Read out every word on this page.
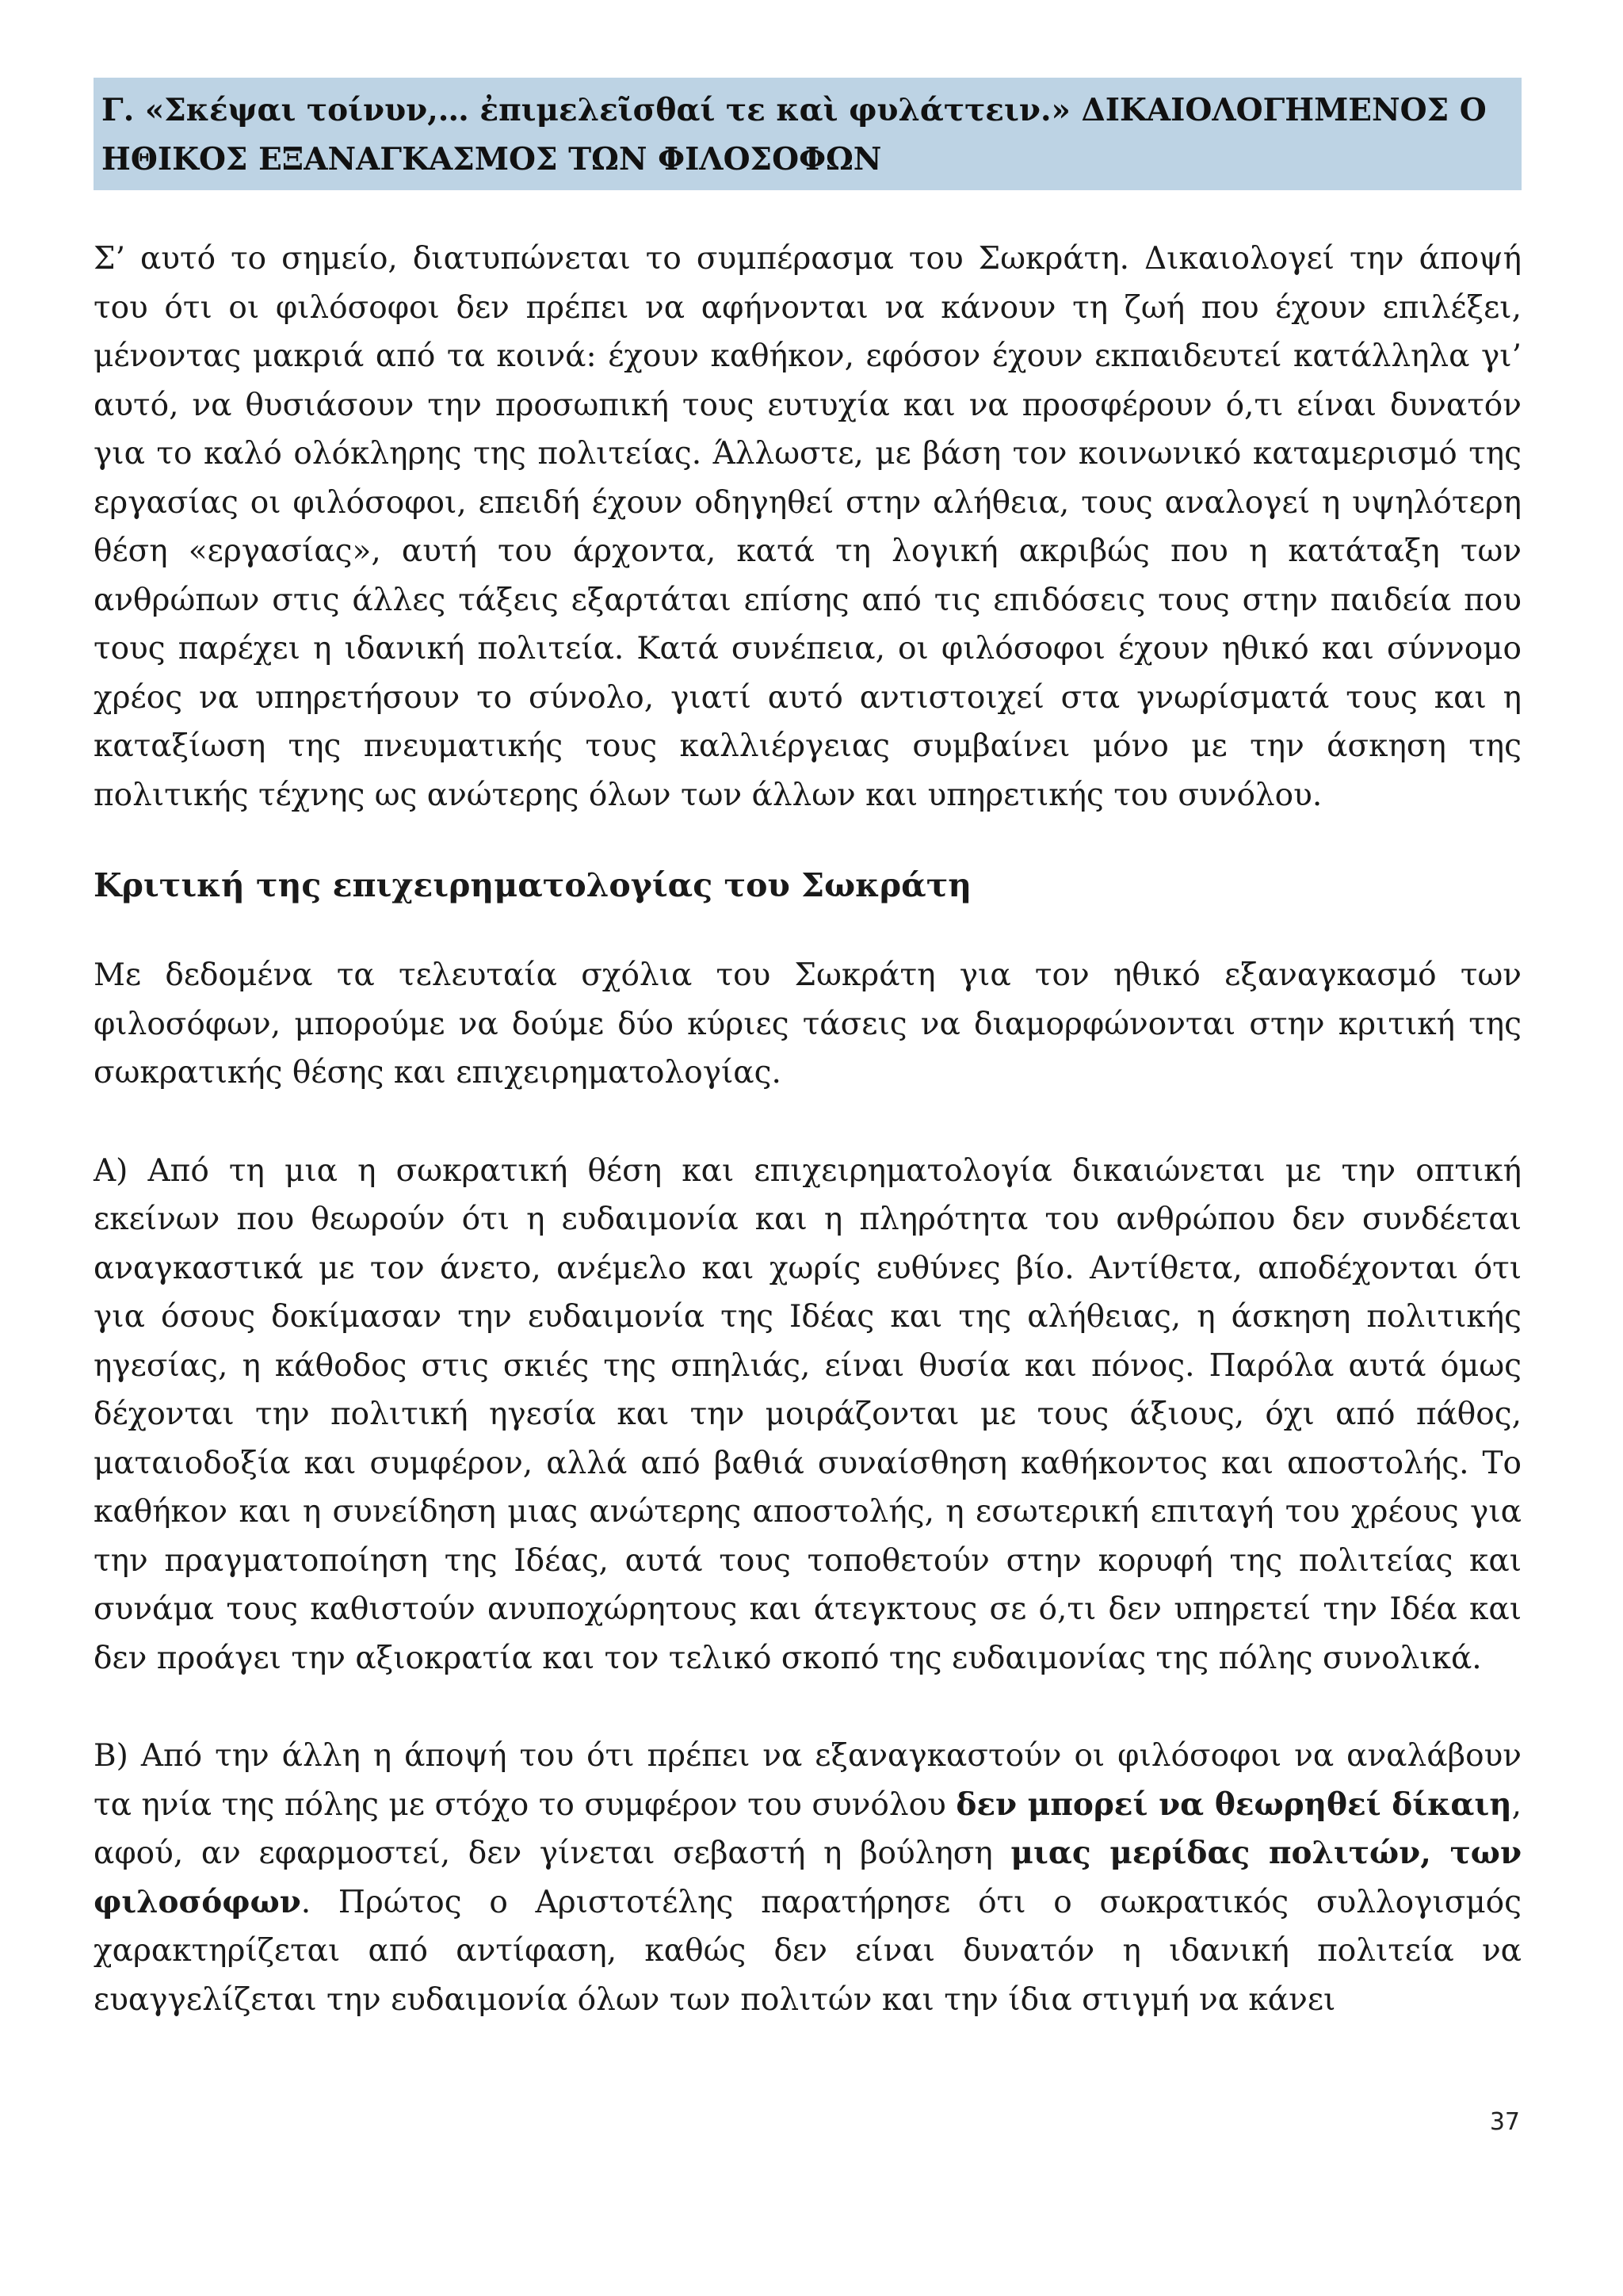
Γ. «Σκέψαι τοίνυν,… ἐπιμελεῖσθαί τε καὶ φυλάττειν.» ΔΙΚΑΙΟΛΟΓΗΜΕΝΟΣ Ο ΗΘΙΚΟΣ ΕΞΑΝΑΓΚΑΣΜΟΣ ΤΩΝ ΦΙΛΟΣΟΦΩΝ

Σ’ αυτό το σημείο, διατυπώνεται το συμπέρασμα του Σωκράτη. Δικαιολογεί την άποψή του ότι οι φιλόσοφοι δεν πρέπει να αφήνονται να κάνουν τη ζωή που έχουν επιλέξει, μένοντας μακριά από τα κοινά: έχουν καθήκον, εφόσον έχουν εκπαιδευτεί κατάλληλα γι’ αυτό, να θυσιάσουν την προσωπική τους ευτυχία και να προσφέρουν ό,τι είναι δυνατόν για το καλό ολόκληρης της πολιτείας. Άλλωστε, με βάση τον κοινωνικό καταμερισμό της εργασίας οι φιλόσοφοι, επειδή έχουν οδηγηθεί στην αλήθεια, τους αναλογεί η υψηλότερη θέση «εργασίας», αυτή του άρχοντα, κατά τη λογική ακριβώς που η κατάταξη των ανθρώπων στις άλλες τάξεις εξαρτάται επίσης από τις επιδόσεις τους στην παιδεία που τους παρέχει η ιδανική πολιτεία. Κατά συνέπεια, οι φιλόσοφοι έχουν ηθικό και σύννομο χρέος να υπηρετήσουν το σύνολο, γιατί αυτό αντιστοιχεί στα γνωρίσματά τους και η καταξίωση της πνευματικής τους καλλιέργειας συμβαίνει μόνο με την άσκηση της πολιτικής τέχνης ως ανώτερης όλων των άλλων και υπηρετικής του συνόλου.

Κριτική της επιχειρηματολογίας του Σωκράτη

Με δεδομένα τα τελευταία σχόλια του Σωκράτη για τον ηθικό εξαναγκασμό των φιλοσόφων, μπορούμε να δούμε δύο κύριες τάσεις να διαμορφώνονται στην κριτική της σωκρατικής θέσης και επιχειρηματολογίας.

Α) Από τη μια η σωκρατική θέση και επιχειρηματολογία δικαιώνεται με την οπτική εκείνων που θεωρούν ότι η ευδαιμονία και η πληρότητα του ανθρώπου δεν συνδέεται αναγκαστικά με τον άνετο, ανέμελο και χωρίς ευθύνες βίο. Αντίθετα, αποδέχονται ότι για όσους δοκίμασαν την ευδαιμονία της Ιδέας και της αλήθειας, η άσκηση πολιτικής ηγεσίας, η κάθοδος στις σκιές της σπηλιάς, είναι θυσία και πόνος. Παρόλα αυτά όμως δέχονται την πολιτική ηγεσία και την μοιράζονται με τους άξιους, όχι από πάθος, ματαιοδοξία και συμφέρον, αλλά από βαθιά συναίσθηση καθήκοντος και αποστολής. Το καθήκον και η συνείδηση μιας ανώτερης αποστολής, η εσωτερική επιταγή του χρέους για την πραγματοποίηση της Ιδέας, αυτά τους τοποθετούν στην κορυφή της πολιτείας και συνάμα τους καθιστούν ανυποχώρητους και άτεγκτους σε ό,τι δεν υπηρετεί την Ιδέα και δεν προάγει την αξιοκρατία και τον τελικό σκοπό της ευδαιμονίας της πόλης συνολικά.

Β) Από την άλλη η άποψή του ότι πρέπει να εξαναγκαστούν οι φιλόσοφοι να αναλάβουν τα ηνία της πόλης με στόχο το συμφέρον του συνόλου δεν μπορεί να θεωρηθεί δίκαιη, αφού, αν εφαρμοστεί, δεν γίνεται σεβαστή η βούληση μιας μερίδας πολιτών, των φιλοσόφων. Πρώτος ο Αριστοτέλης παρατήρησε ότι ο σωκρατικός συλλογισμός χαρακτηρίζεται από αντίφαση, καθώς δεν είναι δυνατόν η ιδανική πολιτεία να ευαγγελίζεται την ευδαιμονία όλων των πολιτών και την ίδια στιγμή να κάνει

37
